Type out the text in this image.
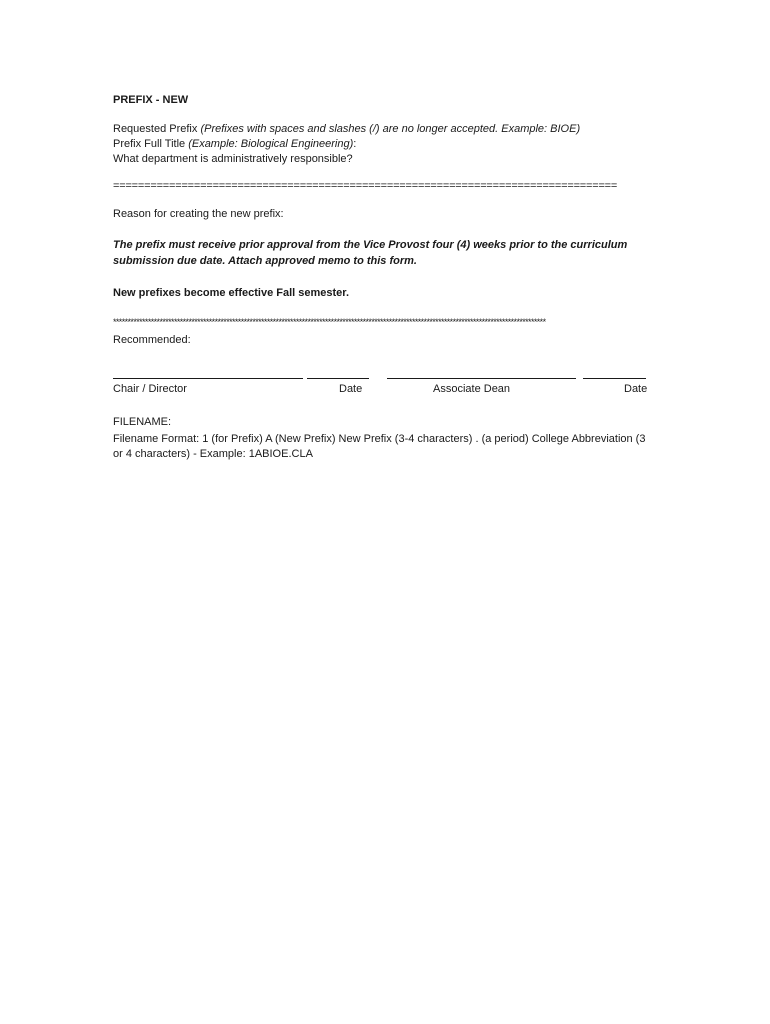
PREFIX - NEW

Requested Prefix (Prefixes with spaces and slashes (/) are no longer accepted. Example: BIOE)

Prefix Full Title (Example: Biological Engineering):

What department is administratively responsible?

=================================================================================

Reason for creating the new prefix:

The prefix must receive prior approval from the Vice Provost four (4) weeks prior to the curriculum submission due date. Attach approved memo to this form.

New prefixes become effective Fall semester.

*****************************************************************************************************************************************************

Recommended:

Chair / Director	Date	Associate Dean	Date

FILENAME:

Filename Format: 1 (for Prefix) A (New Prefix) New Prefix (3-4 characters) . (a period) College Abbreviation (3 or 4 characters) - Example: 1ABIOE.CLA
